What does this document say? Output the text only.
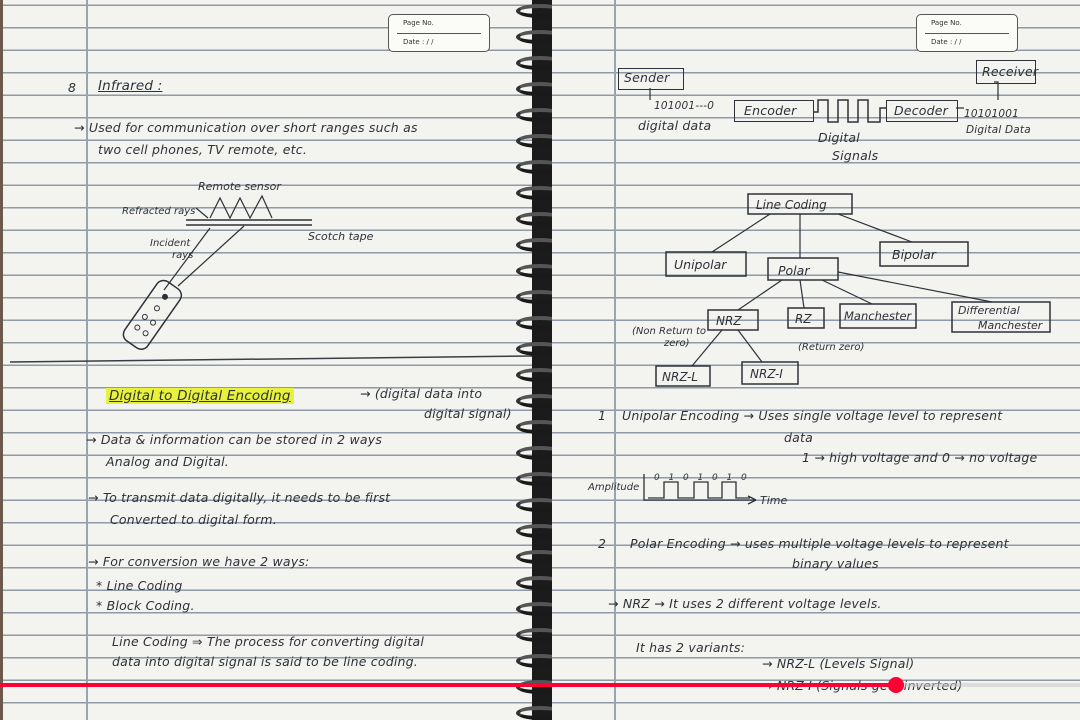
Page No.
Date : / /

8 Infrared :

→ Used for communication over short ranges such as

two cell phones, TV remote, etc.

Remote sensor
Refracted rays
Incident
rays
Scotch tape

Digital to Digital Encoding	→ (digital data into

digital signal)

→ Data & information can be stored in 2 ways

Analog and Digital.

→ To transmit data digitally, it needs to be first

Converted to digital form.

→ For conversion we have 2 ways:

* Line Coding

* Block Coding.

Line Coding ⇒ The process for converting digital

data into digital signal is said to be line coding.

Page No.
Date : / /

Sender	Receiver

101001---0

digital data

Encoder	Decoder 10101001

Digital Data

Digital

Signals

Line Coding
Unipolar	Polar
Bipolar
NRZ	RZ	Manchester	Differential
Manchester
(Non Return to
zero)	(Return zero)
NRZ-L	NRZ-I
0 1 0 1 0 1 0
Amplitude
Time

1 Unipolar Encoding → Uses single voltage level to represent

data

1 → high voltage and 0 → no voltage

2 Polar Encoding → uses multiple voltage levels to represent

binary values

→ NRZ → It uses 2 different voltage levels.

It has 2 variants:

→ NRZ-L (Levels Signal)
